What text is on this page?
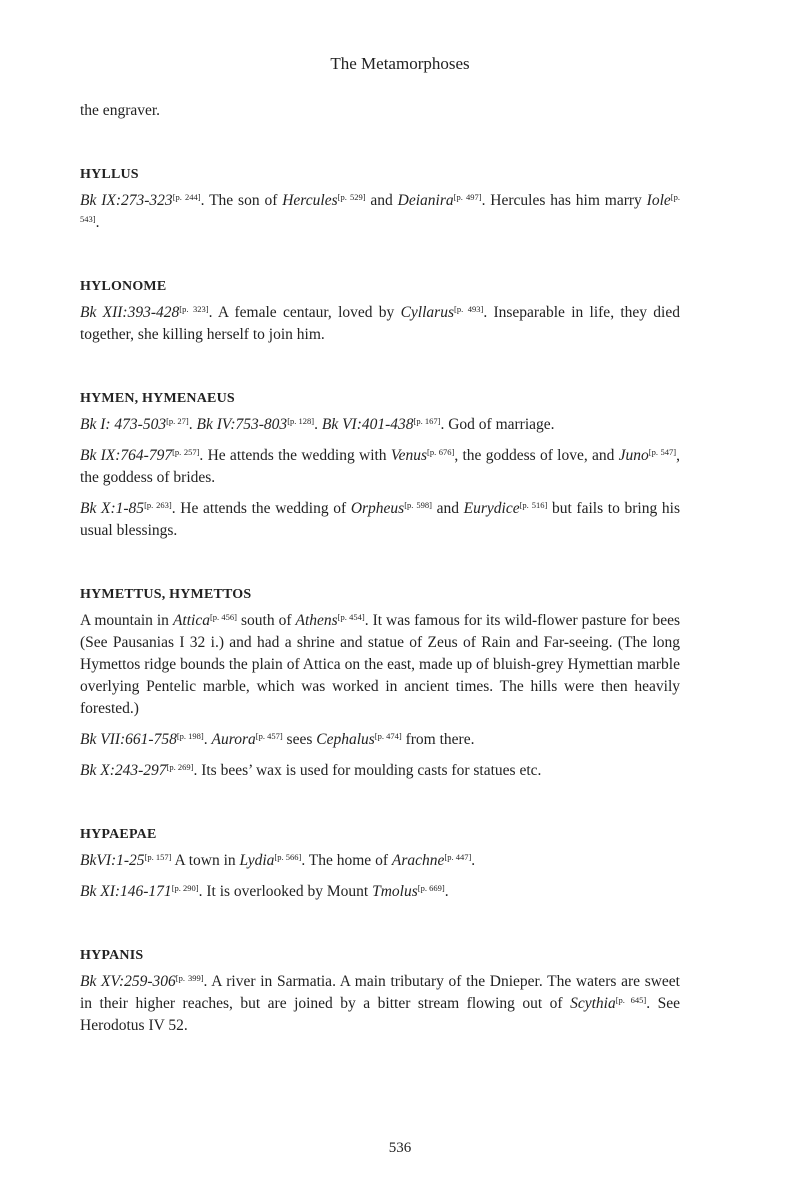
The Metamorphoses

the engraver.

HYLLUS

Bk IX:273-323[p. 244]. The son of Hercules[p. 529] and Deianira[p. 497]. Hercules has him marry Iole[p. 543].

HYLONOME

Bk XII:393-428[p. 323]. A female centaur, loved by Cyllarus[p. 493]. Inseparable in life, they died together, she killing herself to join him.

HYMEN, HYMENAEUS

Bk I: 473-503[p. 27]. Bk IV:753-803[p. 128]. Bk VI:401-438[p. 167]. God of marriage.

Bk IX:764-797[p. 257]. He attends the wedding with Venus[p. 676], the goddess of love, and Juno[p. 547], the goddess of brides.

Bk X:1-85[p. 263]. He attends the wedding of Orpheus[p. 598] and Eurydice[p. 516] but fails to bring his usual blessings.

HYMETTUS, HYMETTOS

A mountain in Attica[p. 456] south of Athens[p. 454]. It was famous for its wild-flower pasture for bees (See Pausanias I 32 i.) and had a shrine and statue of Zeus of Rain and Far-seeing. (The long Hymettos ridge bounds the plain of Attica on the east, made up of bluish-grey Hymettian marble overlying Pentelic marble, which was worked in ancient times. The hills were then heavily forested.)

Bk VII:661-758[p. 198]. Aurora[p. 457] sees Cephalus[p. 474] from there.

Bk X:243-297[p. 269]. Its bees’ wax is used for moulding casts for statues etc.

HYPAEPAE

BkVI:1-25[p. 157] A town in Lydia[p. 566]. The home of Arachne[p. 447].

Bk XI:146-171[p. 290]. It is overlooked by Mount Tmolus[p. 669].

HYPANIS

Bk XV:259-306[p. 399]. A river in Sarmatia. A main tributary of the Dnieper. The waters are sweet in their higher reaches, but are joined by a bitter stream flowing out of Scythia[p. 645]. See Herodotus IV 52.

536
